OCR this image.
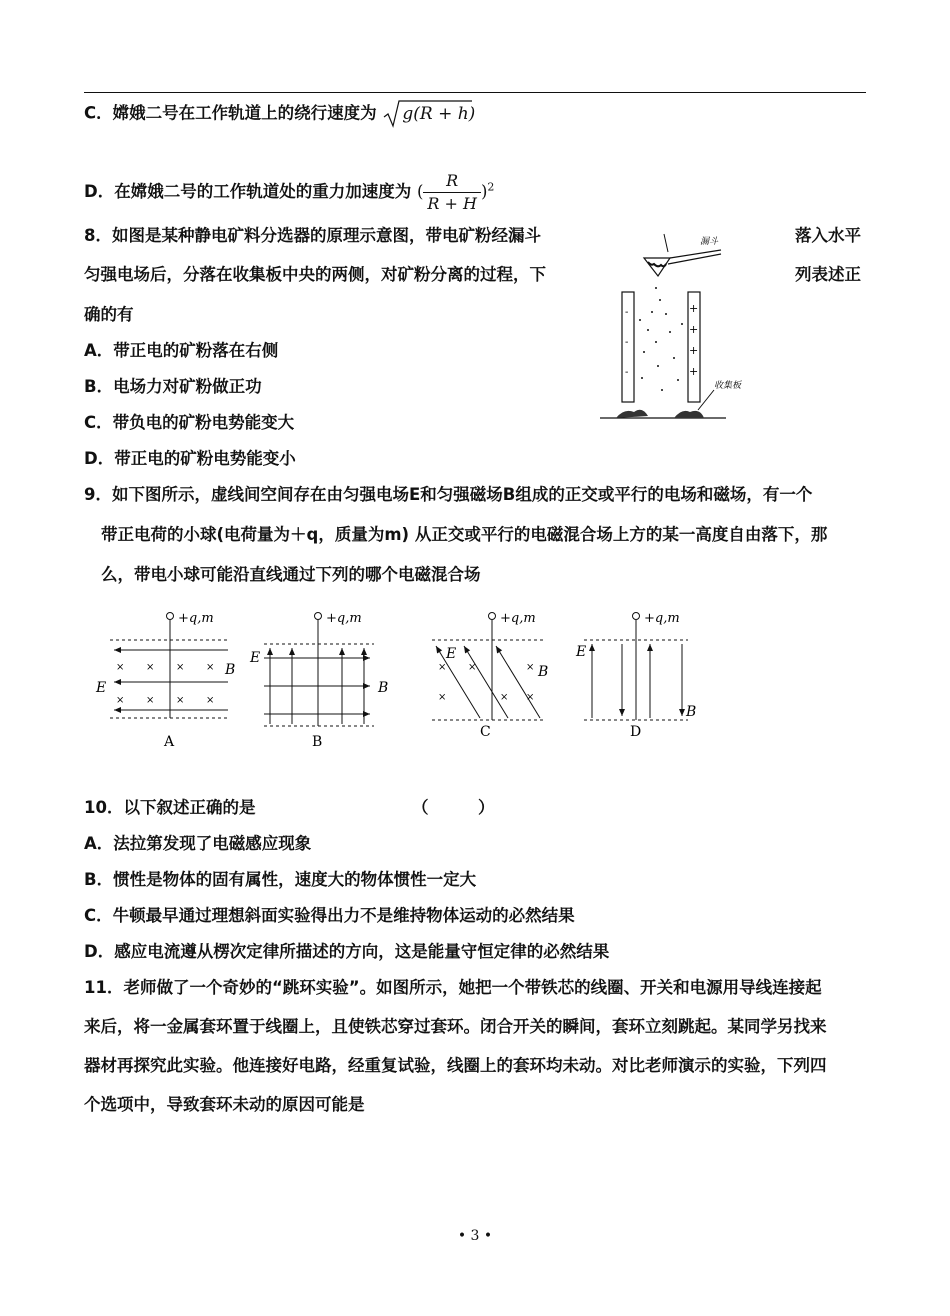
C．嫦娥二号在工作轨道上的绕行速度为 g(R + h)
D．在嫦娥二号的工作轨道处的重力加速度为 ( $\frac{R}{R + H} )^2$
8．如图是某种静电矿料分选器的原理示意图，带电矿粉经漏斗	落入水平
匀强电场后，分落在收集板中央的两侧，对矿粉分离的过程，下	列表述正
确的有
A．带正电的矿粉落在右侧
B．电场力对矿粉做正功
C．带负电的矿粉电势能变大
D．带正电的矿粉电势能变小
漏斗
-
-
-
+
+
+
+
收集板
9．如下图所示，虚线间空间存在由匀强电场E和匀强磁场B组成的正交或平行的电场和磁场，有一个
带正电荷的小球(电荷量为＋q，质量为m) 从正交或平行的电磁混合场上方的某一高度自由落下，那
么，带电小球可能沿直线通过下列的哪个电磁混合场
+q,m
× × × ×
× × × ×
B
E
A
+q,m
E
B
B
+q,m
× ×	×
×	× ×
E
B
C
+q,m
E
B
D
10．以下叙述正确的是	（　　　）
A．法拉第发现了电磁感应现象
B．惯性是物体的固有属性，速度大的物体惯性一定大
C．牛顿最早通过理想斜面实验得出力不是维持物体运动的必然结果
D．感应电流遵从楞次定律所描述的方向，这是能量守恒定律的必然结果
11．老师做了一个奇妙的“跳环实验”。如图所示，她把一个带铁芯的线圈、开关和电源用导线连接起
来后，将一金属套环置于线圈上，且使铁芯穿过套环。闭合开关的瞬间，套环立刻跳起。某同学另找来
器材再探究此实验。他连接好电路，经重复试验，线圈上的套环均未动。对比老师演示的实验，下列四
个选项中，导致套环未动的原因可能是
• 3 •
